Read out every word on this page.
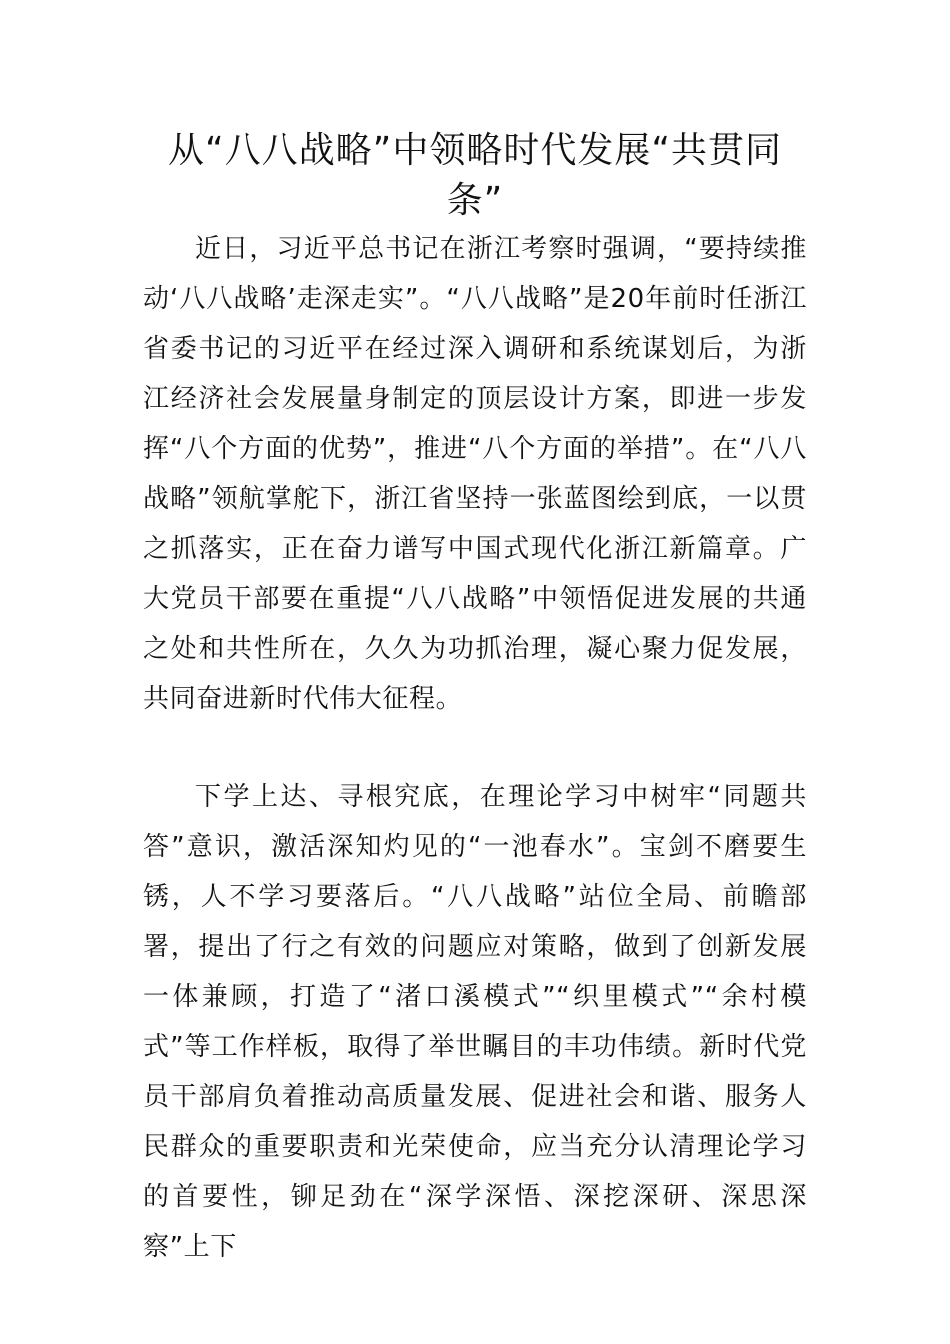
从“八八战略”中领略时代发展“共贯同条”

近日，习近平总书记在浙江考察时强调，“要持续推动‘八八战略’走深走实”。“八八战略”是20年前时任浙江省委书记的习近平在经过深入调研和系统谋划后，为浙江经济社会发展量身制定的顶层设计方案，即进一步发挥“八个方面的优势”，推进“八个方面的举措”。在“八八战略”领航掌舵下，浙江省坚持一张蓝图绘到底，一以贯之抓落实，正在奋力谱写中国式现代化浙江新篇章。广大党员干部要在重提“八八战略”中领悟促进发展的共通之处和共性所在，久久为功抓治理，凝心聚力促发展，共同奋进新时代伟大征程。

下学上达、寻根究底，在理论学习中树牢“同题共答”意识，激活深知灼见的“一池春水”。宝剑不磨要生锈，人不学习要落后。“八八战略”站位全局、前瞻部署，提出了行之有效的问题应对策略，做到了创新发展一体兼顾，打造了“渚口溪模式”“织里模式”“余村模式”等工作样板，取得了举世瞩目的丰功伟绩。新时代党员干部肩负着推动高质量发展、促进社会和谐、服务人民群众的重要职责和光荣使命，应当充分认清理论学习的首要性，铆足劲在“深学深悟、深挖深研、深思深察”上下
